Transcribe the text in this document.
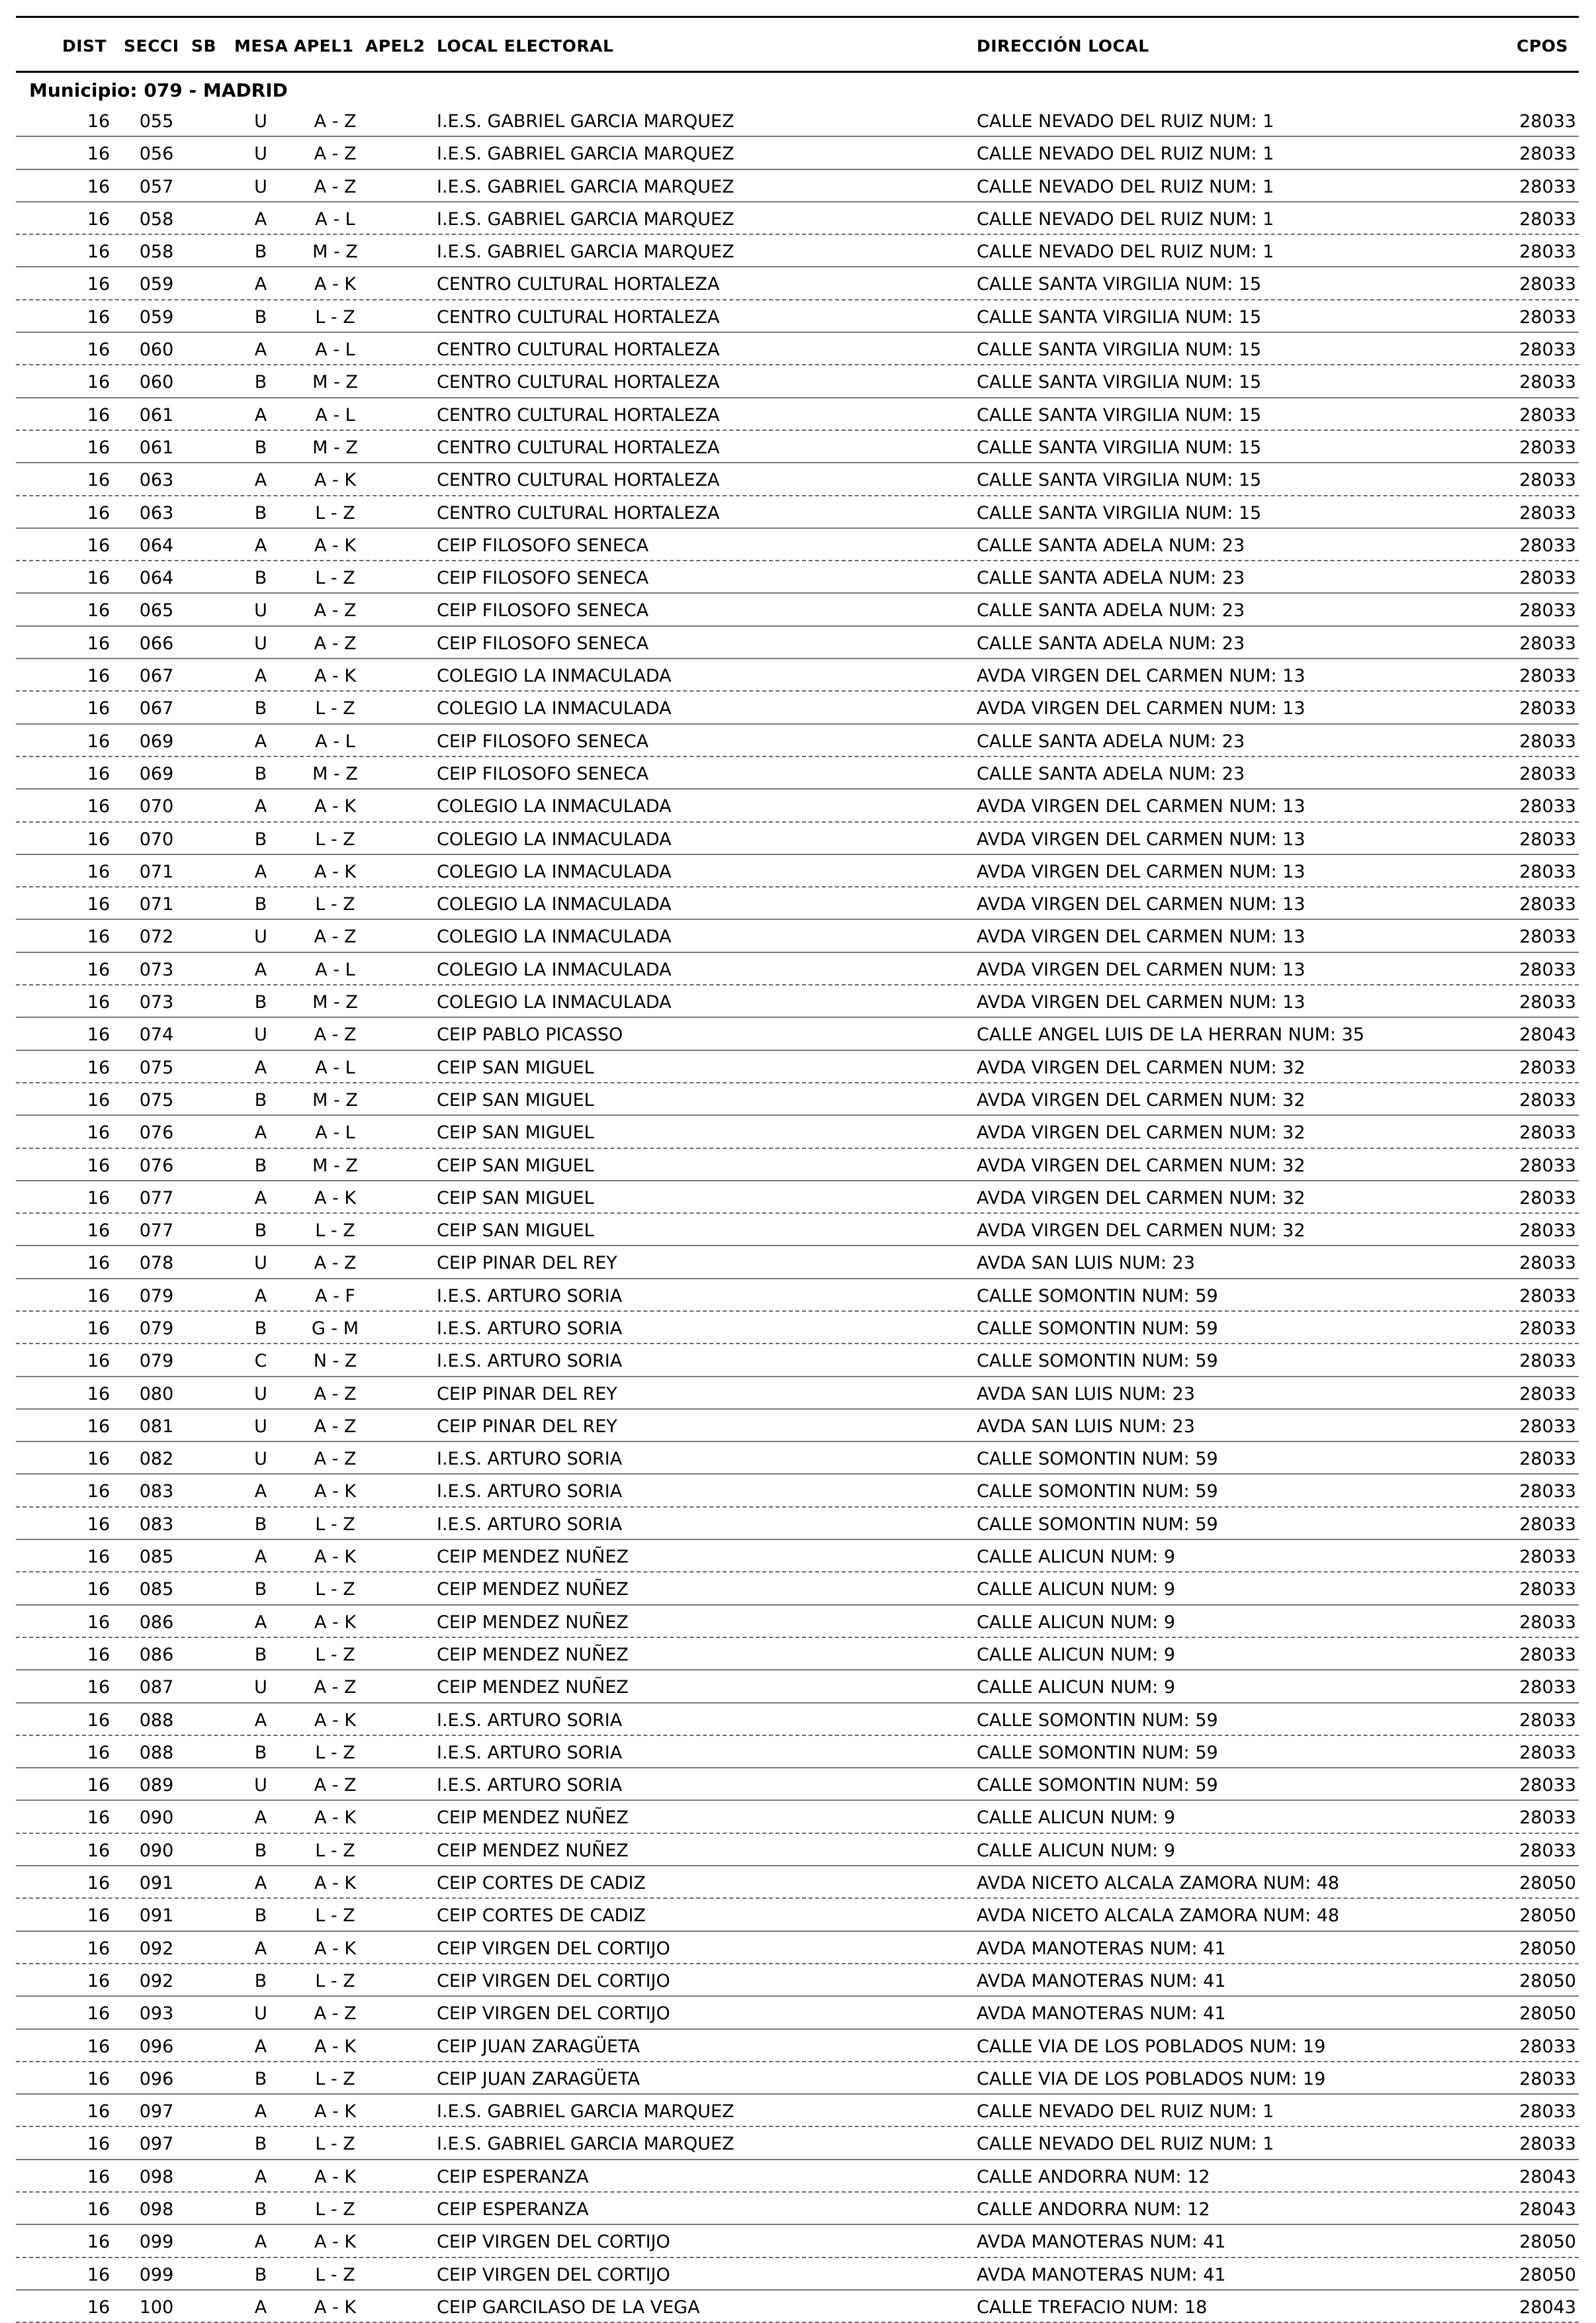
DIST SECCI SB MESA APEL1 APEL2 LOCAL ELECTORAL	DIRECCIÓN LOCAL	CPOS
Municipio: 079 - MADRID
16	055	U	A - Z	I.E.S. GABRIEL GARCIA MARQUEZ	CALLE NEVADO DEL RUIZ NUM: 1	28033
16	056	U	A - Z	I.E.S. GABRIEL GARCIA MARQUEZ	CALLE NEVADO DEL RUIZ NUM: 1	28033
16	057	U	A - Z	I.E.S. GABRIEL GARCIA MARQUEZ	CALLE NEVADO DEL RUIZ NUM: 1	28033
16	058	A	A - L	I.E.S. GABRIEL GARCIA MARQUEZ	CALLE NEVADO DEL RUIZ NUM: 1	28033
16	058	B	M - Z	I.E.S. GABRIEL GARCIA MARQUEZ	CALLE NEVADO DEL RUIZ NUM: 1	28033
16	059	A	A - K	CENTRO CULTURAL HORTALEZA	CALLE SANTA VIRGILIA NUM: 15	28033
16	059	B	L - Z	CENTRO CULTURAL HORTALEZA	CALLE SANTA VIRGILIA NUM: 15	28033
16	060	A	A - L	CENTRO CULTURAL HORTALEZA	CALLE SANTA VIRGILIA NUM: 15	28033
16	060	B	M - Z	CENTRO CULTURAL HORTALEZA	CALLE SANTA VIRGILIA NUM: 15	28033
16	061	A	A - L	CENTRO CULTURAL HORTALEZA	CALLE SANTA VIRGILIA NUM: 15	28033
16	061	B	M - Z	CENTRO CULTURAL HORTALEZA	CALLE SANTA VIRGILIA NUM: 15	28033
16	063	A	A - K	CENTRO CULTURAL HORTALEZA	CALLE SANTA VIRGILIA NUM: 15	28033
16	063	B	L - Z	CENTRO CULTURAL HORTALEZA	CALLE SANTA VIRGILIA NUM: 15	28033
16	064	A	A - K	CEIP FILOSOFO SENECA	CALLE SANTA ADELA NUM: 23	28033
16	064	B	L - Z	CEIP FILOSOFO SENECA	CALLE SANTA ADELA NUM: 23	28033
16	065	U	A - Z	CEIP FILOSOFO SENECA	CALLE SANTA ADELA NUM: 23	28033
16	066	U	A - Z	CEIP FILOSOFO SENECA	CALLE SANTA ADELA NUM: 23	28033
16	067	A	A - K	COLEGIO LA INMACULADA	AVDA VIRGEN DEL CARMEN NUM: 13	28033
16	067	B	L - Z	COLEGIO LA INMACULADA	AVDA VIRGEN DEL CARMEN NUM: 13	28033
16	069	A	A - L	CEIP FILOSOFO SENECA	CALLE SANTA ADELA NUM: 23	28033
16	069	B	M - Z	CEIP FILOSOFO SENECA	CALLE SANTA ADELA NUM: 23	28033
16	070	A	A - K	COLEGIO LA INMACULADA	AVDA VIRGEN DEL CARMEN NUM: 13	28033
16	070	B	L - Z	COLEGIO LA INMACULADA	AVDA VIRGEN DEL CARMEN NUM: 13	28033
16	071	A	A - K	COLEGIO LA INMACULADA	AVDA VIRGEN DEL CARMEN NUM: 13	28033
16	071	B	L - Z	COLEGIO LA INMACULADA	AVDA VIRGEN DEL CARMEN NUM: 13	28033
16	072	U	A - Z	COLEGIO LA INMACULADA	AVDA VIRGEN DEL CARMEN NUM: 13	28033
16	073	A	A - L	COLEGIO LA INMACULADA	AVDA VIRGEN DEL CARMEN NUM: 13	28033
16	073	B	M - Z	COLEGIO LA INMACULADA	AVDA VIRGEN DEL CARMEN NUM: 13	28033
16	074	U	A - Z	CEIP PABLO PICASSO	CALLE ANGEL LUIS DE LA HERRAN NUM: 35	28043
16	075	A	A - L	CEIP SAN MIGUEL	AVDA VIRGEN DEL CARMEN NUM: 32	28033
16	075	B	M - Z	CEIP SAN MIGUEL	AVDA VIRGEN DEL CARMEN NUM: 32	28033
16	076	A	A - L	CEIP SAN MIGUEL	AVDA VIRGEN DEL CARMEN NUM: 32	28033
16	076	B	M - Z	CEIP SAN MIGUEL	AVDA VIRGEN DEL CARMEN NUM: 32	28033
16	077	A	A - K	CEIP SAN MIGUEL	AVDA VIRGEN DEL CARMEN NUM: 32	28033
16	077	B	L - Z	CEIP SAN MIGUEL	AVDA VIRGEN DEL CARMEN NUM: 32	28033
16	078	U	A - Z	CEIP PINAR DEL REY	AVDA SAN LUIS NUM: 23	28033
16	079	A	A - F	I.E.S. ARTURO SORIA	CALLE SOMONTIN NUM: 59	28033
16	079	B	G - M	I.E.S. ARTURO SORIA	CALLE SOMONTIN NUM: 59	28033
16	079	C	N - Z	I.E.S. ARTURO SORIA	CALLE SOMONTIN NUM: 59	28033
16	080	U	A - Z	CEIP PINAR DEL REY	AVDA SAN LUIS NUM: 23	28033
16	081	U	A - Z	CEIP PINAR DEL REY	AVDA SAN LUIS NUM: 23	28033
16	082	U	A - Z	I.E.S. ARTURO SORIA	CALLE SOMONTIN NUM: 59	28033
16	083	A	A - K	I.E.S. ARTURO SORIA	CALLE SOMONTIN NUM: 59	28033
16	083	B	L - Z	I.E.S. ARTURO SORIA	CALLE SOMONTIN NUM: 59	28033
16	085	A	A - K	CEIP MENDEZ NUÑEZ	CALLE ALICUN NUM: 9	28033
16	085	B	L - Z	CEIP MENDEZ NUÑEZ	CALLE ALICUN NUM: 9	28033
16	086	A	A - K	CEIP MENDEZ NUÑEZ	CALLE ALICUN NUM: 9	28033
16	086	B	L - Z	CEIP MENDEZ NUÑEZ	CALLE ALICUN NUM: 9	28033
16	087	U	A - Z	CEIP MENDEZ NUÑEZ	CALLE ALICUN NUM: 9	28033
16	088	A	A - K	I.E.S. ARTURO SORIA	CALLE SOMONTIN NUM: 59	28033
16	088	B	L - Z	I.E.S. ARTURO SORIA	CALLE SOMONTIN NUM: 59	28033
16	089	U	A - Z	I.E.S. ARTURO SORIA	CALLE SOMONTIN NUM: 59	28033
16	090	A	A - K	CEIP MENDEZ NUÑEZ	CALLE ALICUN NUM: 9	28033
16	090	B	L - Z	CEIP MENDEZ NUÑEZ	CALLE ALICUN NUM: 9	28033
16	091	A	A - K	CEIP CORTES DE CADIZ	AVDA NICETO ALCALA ZAMORA NUM: 48	28050
16	091	B	L - Z	CEIP CORTES DE CADIZ	AVDA NICETO ALCALA ZAMORA NUM: 48	28050
16	092	A	A - K	CEIP VIRGEN DEL CORTIJO	AVDA MANOTERAS NUM: 41	28050
16	092	B	L - Z	CEIP VIRGEN DEL CORTIJO	AVDA MANOTERAS NUM: 41	28050
16	093	U	A - Z	CEIP VIRGEN DEL CORTIJO	AVDA MANOTERAS NUM: 41	28050
16	096	A	A - K	CEIP JUAN ZARAGÜETA	CALLE VIA DE LOS POBLADOS NUM: 19	28033
16	096	B	L - Z	CEIP JUAN ZARAGÜETA	CALLE VIA DE LOS POBLADOS NUM: 19	28033
16	097	A	A - K	I.E.S. GABRIEL GARCIA MARQUEZ	CALLE NEVADO DEL RUIZ NUM: 1	28033
16	097	B	L - Z	I.E.S. GABRIEL GARCIA MARQUEZ	CALLE NEVADO DEL RUIZ NUM: 1	28033
16	098	A	A - K	CEIP ESPERANZA	CALLE ANDORRA NUM: 12	28043
16	098	B	L - Z	CEIP ESPERANZA	CALLE ANDORRA NUM: 12	28043
16	099	A	A - K	CEIP VIRGEN DEL CORTIJO	AVDA MANOTERAS NUM: 41	28050
16	099	B	L - Z	CEIP VIRGEN DEL CORTIJO	AVDA MANOTERAS NUM: 41	28050
16	100	A	A - K	CEIP GARCILASO DE LA VEGA	CALLE TREFACIO NUM: 18	28043
